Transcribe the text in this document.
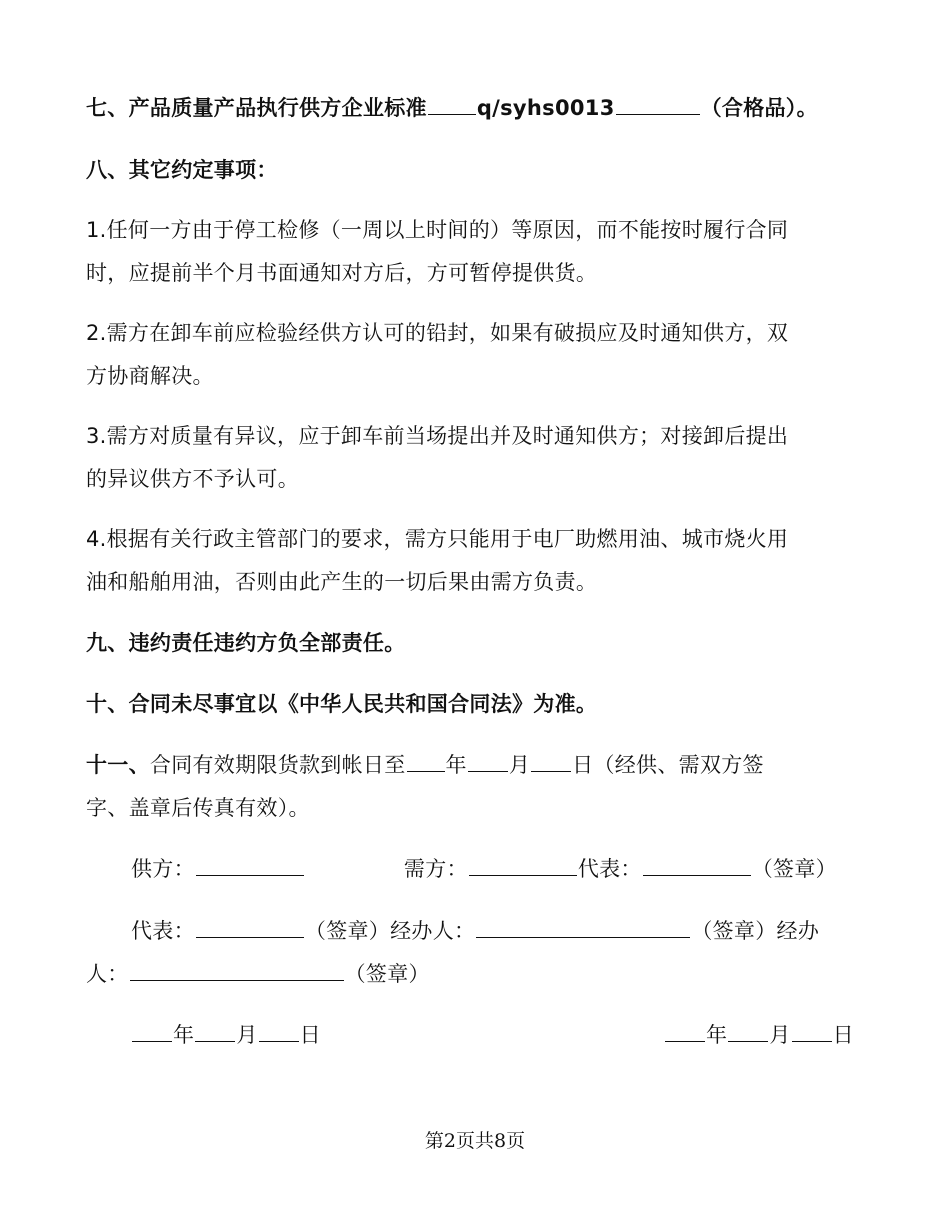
七、产品质量产品执行供方企业标准 q/syhs0013	（合格品）。
八、其它约定事项：
1.任何一方由于停工检修（一周以上时间的）等原因，而不能按时履行合同
时，应提前半个月书面通知对方后，方可暂停提供货。
2.需方在卸车前应检验经供方认可的铅封，如果有破损应及时通知供方，双
方协商解决。
3.需方对质量有异议，应于卸车前当场提出并及时通知供方；对接卸后提出
的异议供方不予认可。
4.根据有关行政主管部门的要求，需方只能用于电厂助燃用油、城市烧火用
油和船舶用油，否则由此产生的一切后果由需方负责。
九、违约责任违约方负全部责任。
十、合同未尽事宜以《中华人民共和国合同法》为准。
十一、合同有效期限货款到帐日至 年 月 日（经供、需双方签
字、盖章后传真有效）。
供方：	需方：	代表：	（签章）
代表：	（签章）经办人：	（签章）经办
人：	（签章）
年 月 日	年 月 日
第2页共8页
